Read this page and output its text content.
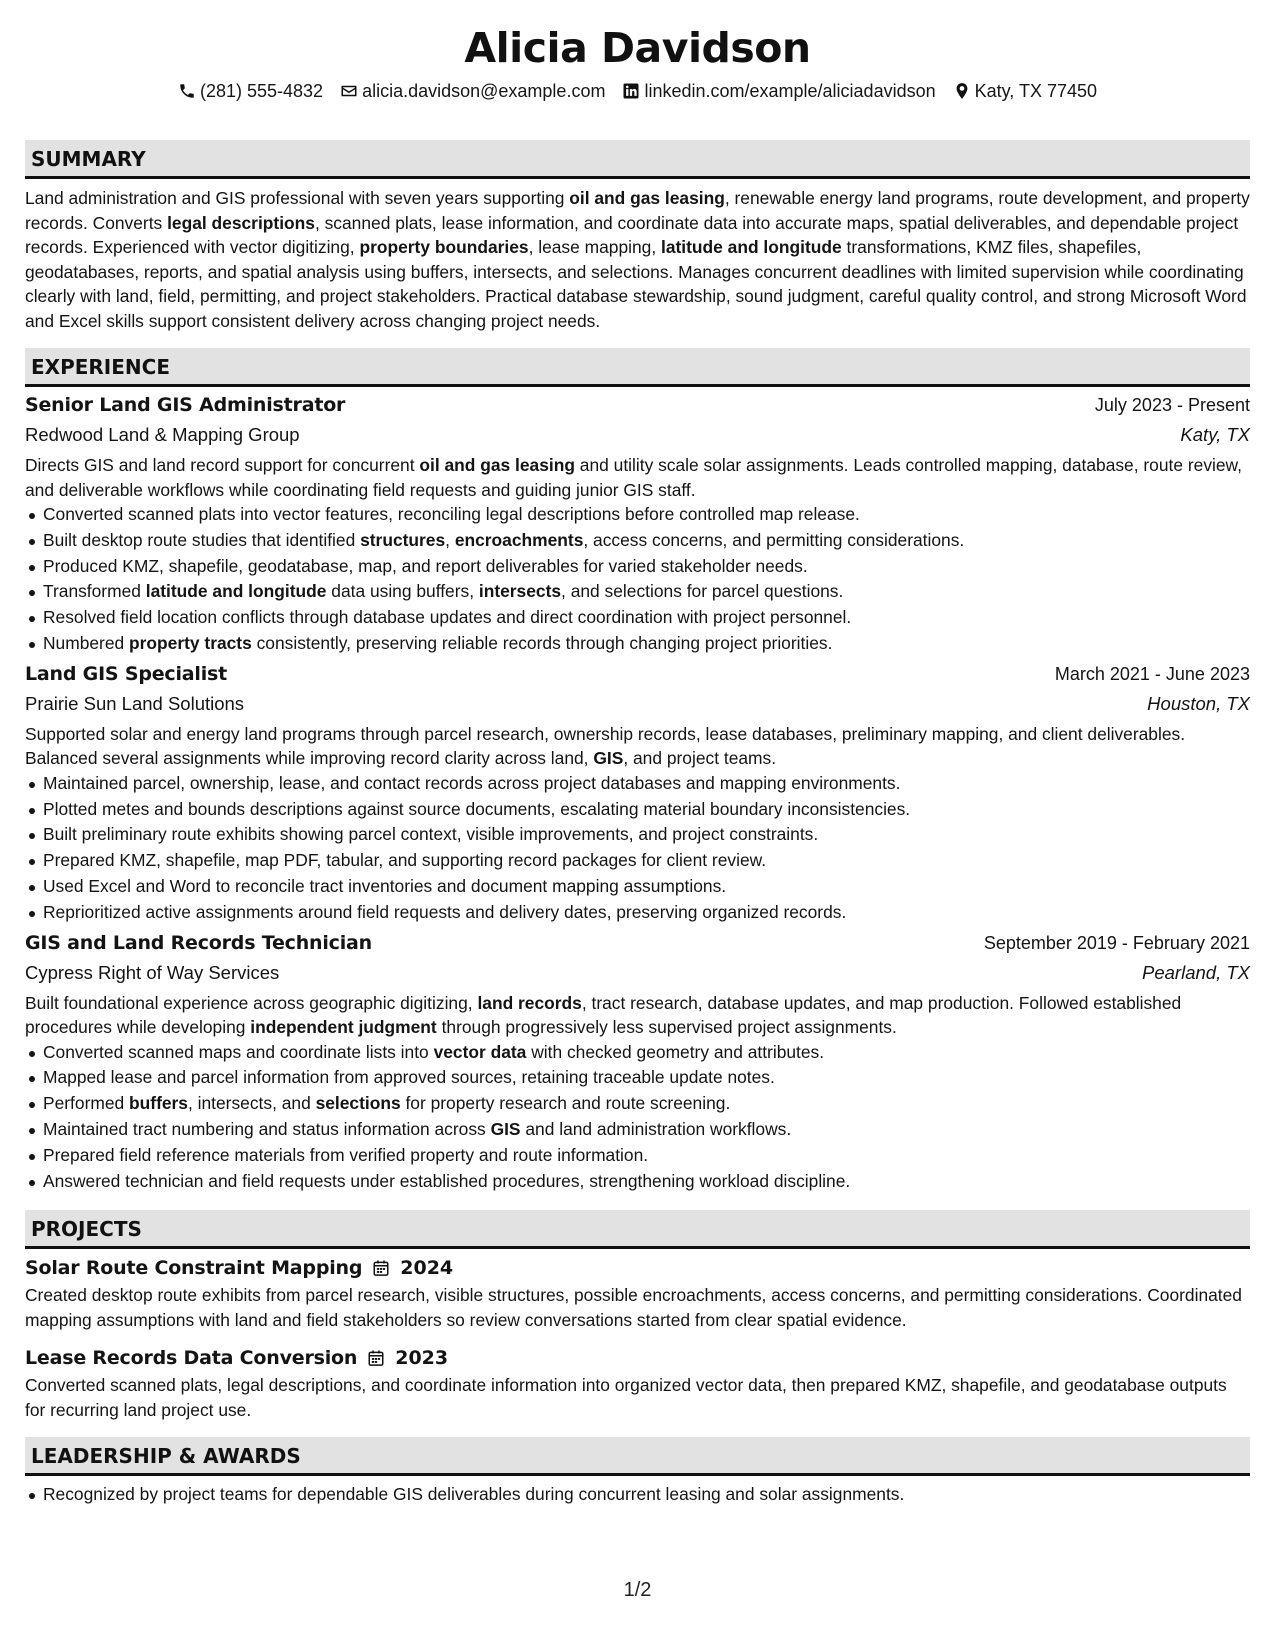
Alicia Davidson
(281) 555-4832 alicia.davidson@example.com linkedin.com/example/aliciadavidson Katy, TX 77450
SUMMARY

Land administration and GIS professional with seven years supporting oil and gas leasing, renewable energy land programs, route development, and property records. Converts legal descriptions, scanned plats, lease information, and coordinate data into accurate maps, spatial deliverables, and dependable project records. Experienced with vector digitizing, property boundaries, lease mapping, latitude and longitude transformations, KMZ files, shapefiles, geodatabases, reports, and spatial analysis using buffers, intersects, and selections. Manages concurrent deadlines with limited supervision while coordinating clearly with land, field, permitting, and project stakeholders. Practical database stewardship, sound judgment, careful quality control, and strong Microsoft Word and Excel skills support consistent delivery across changing project needs.

EXPERIENCE
Senior Land GIS Administrator	July 2023 - Present
Redwood Land & Mapping Group	Katy, TX

Directs GIS and land record support for concurrent oil and gas leasing and utility scale solar assignments. Leads controlled mapping, database, route review, and deliverable workflows while coordinating field requests and guiding junior GIS staff.

Converted scanned plats into vector features, reconciling legal descriptions before controlled map release.
Built desktop route studies that identified structures, encroachments, access concerns, and permitting considerations.
Produced KMZ, shapefile, geodatabase, map, and report deliverables for varied stakeholder needs.
Transformed latitude and longitude data using buffers, intersects, and selections for parcel questions.
Resolved field location conflicts through database updates and direct coordination with project personnel.
Numbered property tracts consistently, preserving reliable records through changing project priorities.
Land GIS Specialist	March 2021 - June 2023
Prairie Sun Land Solutions	Houston, TX

Supported solar and energy land programs through parcel research, ownership records, lease databases, preliminary mapping, and client deliverables. Balanced several assignments while improving record clarity across land, GIS, and project teams.

Maintained parcel, ownership, lease, and contact records across project databases and mapping environments.
Plotted metes and bounds descriptions against source documents, escalating material boundary inconsistencies.
Built preliminary route exhibits showing parcel context, visible improvements, and project constraints.
Prepared KMZ, shapefile, map PDF, tabular, and supporting record packages for client review.
Used Excel and Word to reconcile tract inventories and document mapping assumptions.
Reprioritized active assignments around field requests and delivery dates, preserving organized records.
GIS and Land Records Technician	September 2019 - February 2021
Cypress Right of Way Services	Pearland, TX

Built foundational experience across geographic digitizing, land records, tract research, database updates, and map production. Followed established procedures while developing independent judgment through progressively less supervised project assignments.

Converted scanned maps and coordinate lists into vector data with checked geometry and attributes.
Mapped lease and parcel information from approved sources, retaining traceable update notes.
Performed buffers, intersects, and selections for property research and route screening.
Maintained tract numbering and status information across GIS and land administration workflows.
Prepared field reference materials from verified property and route information.
Answered technician and field requests under established procedures, strengthening workload discipline.
PROJECTS
Solar Route Constraint Mapping 2024

Created desktop route exhibits from parcel research, visible structures, possible encroachments, access concerns, and permitting considerations. Coordinated mapping assumptions with land and field stakeholders so review conversations started from clear spatial evidence.

Lease Records Data Conversion 2023

Converted scanned plats, legal descriptions, and coordinate information into organized vector data, then prepared KMZ, shapefile, and geodatabase outputs for recurring land project use.

LEADERSHIP & AWARDS
Recognized by project teams for dependable GIS deliverables during concurrent leasing and solar assignments.
1/2
